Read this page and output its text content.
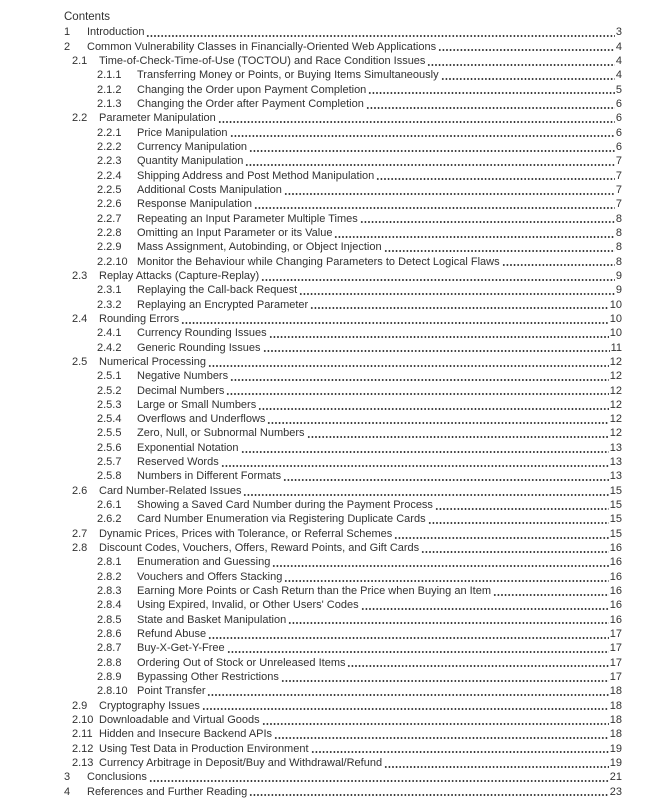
Contents
1	Introduction	3
2	Common Vulnerability Classes in Financially-Oriented Web Applications	4
2.1	Time-of-Check-Time-of-Use (TOCTOU) and Race Condition Issues	4
2.1.1	Transferring Money or Points, or Buying Items Simultaneously	4
2.1.2	Changing the Order upon Payment Completion	5
2.1.3	Changing the Order after Payment Completion	6
2.2	Parameter Manipulation	6
2.2.1	Price Manipulation	6
2.2.2	Currency Manipulation	6
2.2.3	Quantity Manipulation	7
2.2.4	Shipping Address and Post Method Manipulation	7
2.2.5	Additional Costs Manipulation	7
2.2.6	Response Manipulation	7
2.2.7	Repeating an Input Parameter Multiple Times	8
2.2.8	Omitting an Input Parameter or its Value	8
2.2.9	Mass Assignment, Autobinding, or Object Injection	8
2.2.10 Monitor the Behaviour while Changing Parameters to Detect Logical Flaws	8
2.3	Replay Attacks (Capture-Replay)	9
2.3.1	Replaying the Call-back Request	9
2.3.2	Replaying an Encrypted Parameter	10
2.4	Rounding Errors	10
2.4.1	Currency Rounding Issues	10
2.4.2	Generic Rounding Issues	11
2.5	Numerical Processing	12
2.5.1	Negative Numbers	12
2.5.2	Decimal Numbers	12
2.5.3	Large or Small Numbers	12
2.5.4	Overflows and Underflows	12
2.5.5	Zero, Null, or Subnormal Numbers	12
2.5.6	Exponential Notation	13
2.5.7	Reserved Words	13
2.5.8	Numbers in Different Formats	13
2.6	Card Number-Related Issues	15
2.6.1	Showing a Saved Card Number during the Payment Process	15
2.6.2	Card Number Enumeration via Registering Duplicate Cards	15
2.7	Dynamic Prices, Prices with Tolerance, or Referral Schemes	15
2.8	Discount Codes, Vouchers, Offers, Reward Points, and Gift Cards	16
2.8.1	Enumeration and Guessing	16
2.8.2	Vouchers and Offers Stacking	16
2.8.3	Earning More Points or Cash Return than the Price when Buying an Item	16
2.8.4	Using Expired, Invalid, or Other Users' Codes	16
2.8.5	State and Basket Manipulation	16
2.8.6	Refund Abuse	17
2.8.7	Buy-X-Get-Y-Free	17
2.8.8	Ordering Out of Stock or Unreleased Items	17
2.8.9	Bypassing Other Restrictions	17
2.8.10 Point Transfer	18
2.9	Cryptography Issues	18
2.10 Downloadable and Virtual Goods	18
2.11 Hidden and Insecure Backend APIs	18
2.12 Using Test Data in Production Environment	19
2.13 Currency Arbitrage in Deposit/Buy and Withdrawal/Refund	19
3	Conclusions	21
4	References and Further Reading	23
